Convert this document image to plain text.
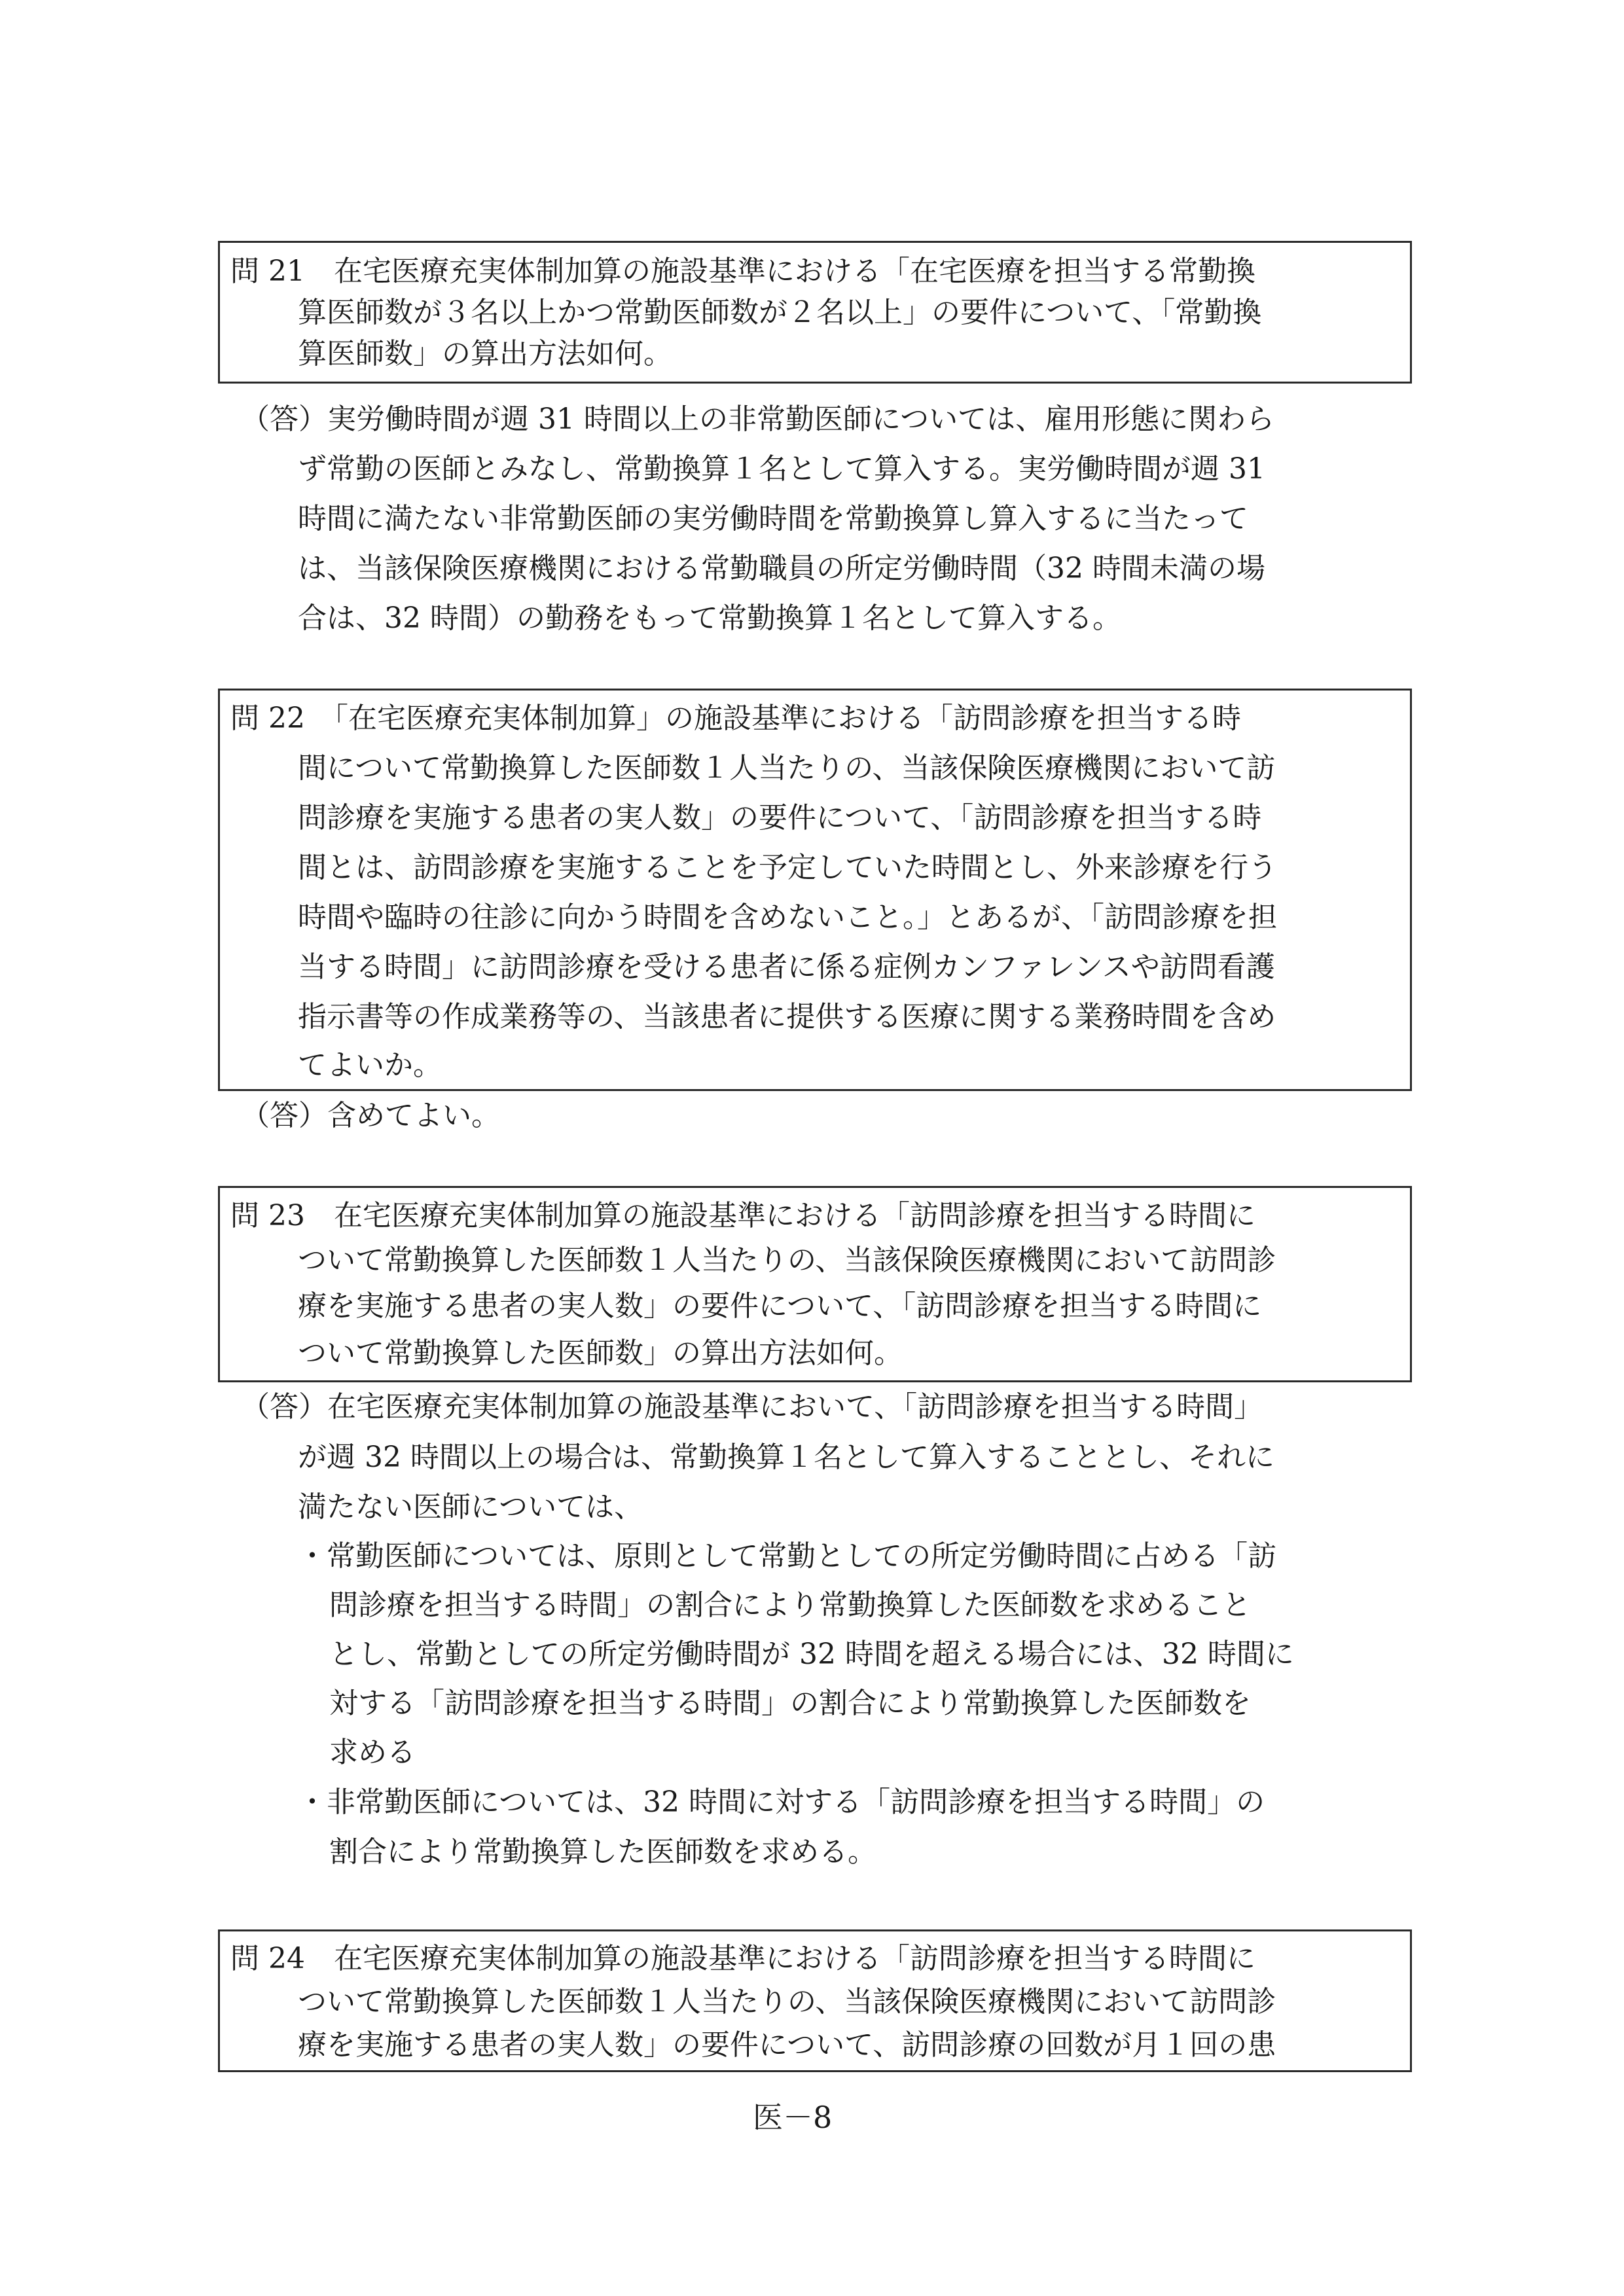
問 21　在宅医療充実体制加算の施設基準における「在宅医療を担当する常勤換
算医師数が３名以上かつ常勤医師数が２名以上」の要件について、「常勤換
算医師数」の算出方法如何。
（答）実労働時間が週 31 時間以上の非常勤医師については、雇用形態に関わら
ず常勤の医師とみなし、常勤換算１名として算入する。実労働時間が週 31
時間に満たない非常勤医師の実労働時間を常勤換算し算入するに当たって
は、当該保険医療機関における常勤職員の所定労働時間（32 時間未満の場
合は、32 時間）の勤務をもって常勤換算１名として算入する。
問 22　「在宅医療充実体制加算」の施設基準における「訪問診療を担当する時
間について常勤換算した医師数１人当たりの、当該保険医療機関において訪
問診療を実施する患者の実人数」の要件について、「訪問診療を担当する時
間とは、訪問診療を実施することを予定していた時間とし、外来診療を行う
時間や臨時の往診に向かう時間を含めないこと。」とあるが、「訪問診療を担
当する時間」に訪問診療を受ける患者に係る症例カンファレンスや訪問看護
指示書等の作成業務等の、当該患者に提供する医療に関する業務時間を含め
てよいか。
（答）含めてよい。
問 23　在宅医療充実体制加算の施設基準における「訪問診療を担当する時間に
ついて常勤換算した医師数１人当たりの、当該保険医療機関において訪問診
療を実施する患者の実人数」の要件について、「訪問診療を担当する時間に
ついて常勤換算した医師数」の算出方法如何。
（答）在宅医療充実体制加算の施設基準において、「訪問診療を担当する時間」
が週 32 時間以上の場合は、常勤換算１名として算入することとし、それに
満たない医師については、
・常勤医師については、原則として常勤としての所定労働時間に占める「訪
問診療を担当する時間」の割合により常勤換算した医師数を求めること
とし、常勤としての所定労働時間が 32 時間を超える場合には、32 時間に
対する「訪問診療を担当する時間」の割合により常勤換算した医師数を
求める
・非常勤医師については、32 時間に対する「訪問診療を担当する時間」の
割合により常勤換算した医師数を求める。
問 24　在宅医療充実体制加算の施設基準における「訪問診療を担当する時間に
ついて常勤換算した医師数１人当たりの、当該保険医療機関において訪問診
療を実施する患者の実人数」の要件について、訪問診療の回数が月１回の患
医－8
